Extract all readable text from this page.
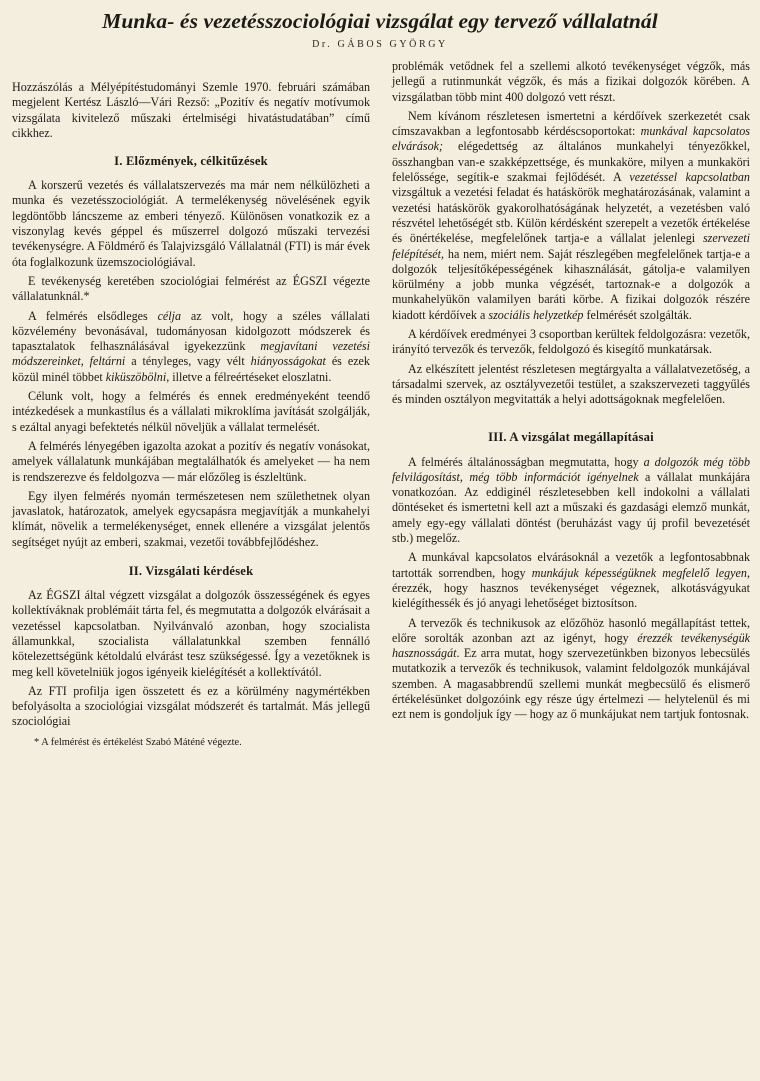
Munka- és vezetésszociológiai vizsgálat egy tervező vállalatnál
Dr. GÁBOS GYÖRGY

Hozzászólás a Mélyépítéstudományi Szemle 1970. februári számában megjelent Kertész László—Vári Rezső: „Pozitív és negatív motívumok vizsgálata kivitelező műszaki értelmiségi hivatástudatában” című cikkhez.

I. Előzmények, célkitűzések

A korszerű vezetés és vállalatszervezés ma már nem nélkülözheti a munka és vezetésszociológiát. A termelékenység növelésének egyik legdöntőbb láncszeme az emberi tényező. Különösen vonatkozik ez a viszonylag kevés géppel és műszerrel dolgozó műszaki tervezési tevékenységre. A Földmérő és Talajvizsgáló Vállalatnál (FTI) is már évek óta foglalkozunk üzemszociológiával.

E tevékenység keretében szociológiai felmérést az ÉGSZI végezte vállalatunknál.*

A felmérés elsődleges célja az volt, hogy a széles vállalati közvélemény bevonásával, tudományosan kidolgozott módszerek és tapasztalatok felhasználásával igyekezzünk megjavítani vezetési módszereinket, feltárni a tényleges, vagy vélt hiányosságokat és ezek közül minél többet kiküszöbölni, illetve a félreértéseket eloszlatni.

Célunk volt, hogy a felmérés és ennek eredményeként teendő intézkedések a munkastílus és a vállalati mikroklíma javítását szolgálják, s ezáltal anyagi befektetés nélkül növeljük a vállalat termelését.

A felmérés lényegében igazolta azokat a pozitív és negatív vonásokat, amelyek vállalatunk munkájában megtalálhatók és amelyeket — ha nem is rendszerezve és feldolgozva — már előzőleg is észleltünk.

Egy ilyen felmérés nyomán természetesen nem születhetnek olyan javaslatok, határozatok, amelyek egycsapásra megjavítják a munkahelyi klímát, növelik a termelékenységet, ennek ellenére a vizsgálat jelentős segítséget nyújt az emberi, szakmai, vezetői továbbfejlődéshez.

II. Vizsgálati kérdések

Az ÉGSZI által végzett vizsgálat a dolgozók összességének és egyes kollektíváknak problémáit tárta fel, és megmutatta a dolgozók elvárásait a vezetéssel kapcsolatban. Nyilvánvaló azonban, hogy szocialista államunkkal, szocialista vállalatunkkal szemben fennálló kötelezettségünk kétoldalú elvárást tesz szükségessé. Így a vezetőknek is meg kell követelniük jogos igényeik kielégítését a kollektívától.

Az FTI profilja igen összetett és ez a körülmény nagymértékben befolyásolta a szociológiai vizsgálat módszerét és tartalmát. Más jellegű szociológiai

* A felmérést és értékelést Szabó Máténé végezte.

problémák vetődnek fel a szellemi alkotó tevékenységet végzők, más jellegű a rutinmunkát végzők, és más a fizikai dolgozók körében. A vizsgálatban több mint 400 dolgozó vett részt.

Nem kívánom részletesen ismertetni a kérdőívek szerkezetét csak címszavakban a legfontosabb kérdéscsoportokat: munkával kapcsolatos elvárások; elégedettség az általános munkahelyi tényezőkkel, összhangban van-e szakképzettsége, és munkaköre, milyen a munkaköri felelőssége, segítik-e szakmai fejlődését. A vezetéssel kapcsolatban vizsgáltuk a vezetési feladat és hatáskörök meghatározásának, valamint a vezetési hatáskörök gyakorolhatóságának helyzetét, a vezetésben való részvétel lehetőségét stb. Külön kérdésként szerepelt a vezetők értékelése és önértékelése, megfelelőnek tartja-e a vállalat jelenlegi szervezeti felépítését, ha nem, miért nem. Saját részlegében megfelelőnek tartja-e a dolgozók teljesítőképességének kihasználását, gátolja-e valamilyen körülmény a jobb munka végzését, tartoznak-e a dolgozók a munkahelyükön valamilyen baráti körbe. A fizikai dolgozók részére kiadott kérdőívek a szociális helyzetkép felmérését szolgálták.

A kérdőívek eredményei 3 csoportban kerültek feldolgozásra: vezetők, irányító tervezők és tervezők, feldolgozó és kisegítő munkatársak.

Az elkészített jelentést részletesen megtárgyalta a vállalatvezetőség, a társadalmi szervek, az osztályvezetői testület, a szakszervezeti taggyűlés és minden osztályon megvitatták a helyi adottságoknak megfelelően.

III. A vizsgálat megállapításai

A felmérés általánosságban megmutatta, hogy a dolgozók még több felvilágosítást, még több információt igényelnek a vállalat munkájára vonatkozóan. Az eddiginél részletesebben kell indokolni a vállalati döntéseket és ismertetni kell azt a műszaki és gazdasági elemző munkát, amely egy-egy vállalati döntést (beruházást vagy új profil bevezetését stb.) megelőz.

A munkával kapcsolatos elvárásoknál a vezetők a legfontosabbnak tartották sorrendben, hogy munkájuk képességüknek megfelelő legyen, érezzék, hogy hasznos tevékenységet végeznek, alkotásvágyukat kielégíthessék és jó anyagi lehetőséget biztosítson.

A tervezők és technikusok az előzőhöz hasonló megállapítást tettek, előre sorolták azonban azt az igényt, hogy érezzék tevékenységük hasznosságát. Ez arra mutat, hogy szervezetünkben bizonyos lebecsülés mutatkozik a tervezők és technikusok, valamint feldolgozók munkájával szemben. A magasabbrendű szellemi munkát megbecsülő és elismerő értékelésünket dolgozóink egy része úgy értelmezi — helytelenül és mi ezt nem is gondoljuk így — hogy az ő munkájukat nem tartjuk fontosnak.
